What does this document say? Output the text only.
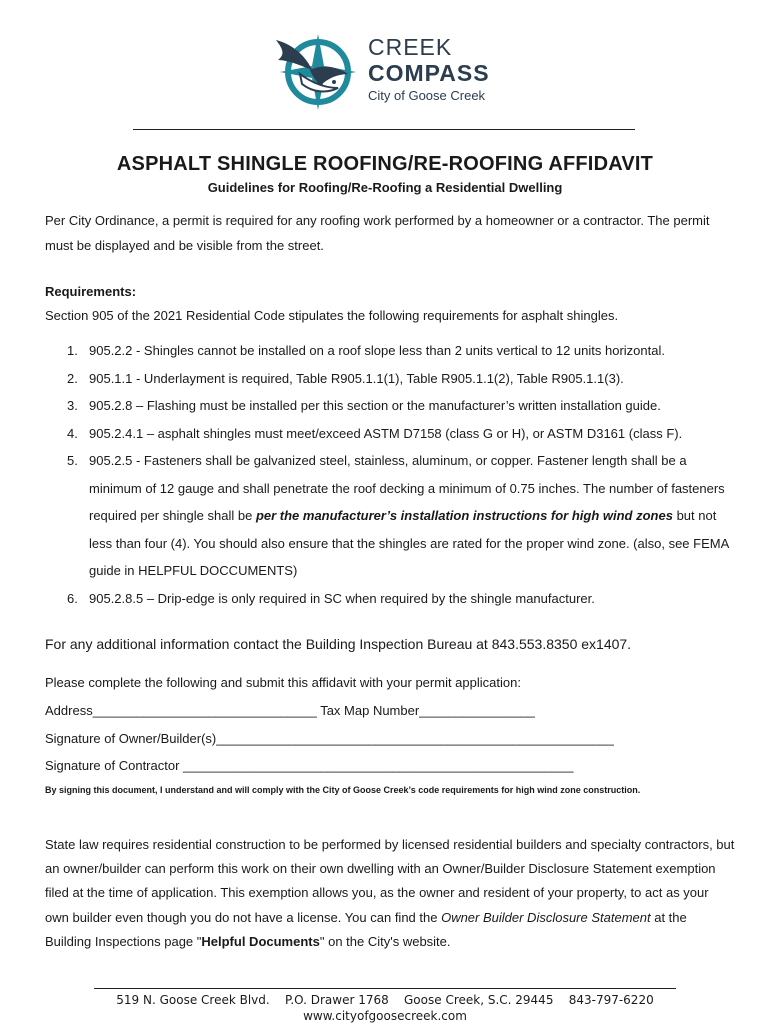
CREEK
COMPASS
City of Goose Creek
ASPHALT SHINGLE ROOFING/RE-ROOFING AFFIDAVIT
Guidelines for Roofing/Re-Roofing a Residential Dwelling
Per City Ordinance, a permit is required for any roofing work performed by a homeowner or a contractor. The permit must be displayed and be visible from the street.
Requirements:
Section 905 of the 2021 Residential Code stipulates the following requirements for asphalt shingles.
1. 905.2.2 - Shingles cannot be installed on a roof slope less than 2 units vertical to 12 units horizontal.
2. 905.1.1 - Underlayment is required, Table R905.1.1(1), Table R905.1.1(2), Table R905.1.1(3).
3. 905.2.8 – Flashing must be installed per this section or the manufacturer’s written installation guide.
4. 905.2.4.1 – asphalt shingles must meet/exceed ASTM D7158 (class G or H), or ASTM D3161 (class F).
5. 905.2.5 - Fasteners shall be galvanized steel, stainless, aluminum, or copper. Fastener length shall be a minimum of 12 gauge and shall penetrate the roof decking a minimum of 0.75 inches. The number of fasteners required per shingle shall be per the manufacturer’s installation instructions for high wind zones but not less than four (4). You should also ensure that the shingles are rated for the proper wind zone. (also, see FEMA guide in HELPFUL DOCCUMENTS)
6. 905.2.8.5 – Drip-edge is only required in SC when required by the shingle manufacturer.
For any additional information contact the Building Inspection Bureau at 843.553.8350 ex1407.
Please complete the following and submit this affidavit with your permit application:
Address_______________________________ Tax Map Number________________
Signature of Owner/Builder(s)_______________________________________________________
Signature of Contractor ______________________________________________________
By signing this document, I understand and will comply with the City of Goose Creek’s code requirements for high wind zone construction.
State law requires residential construction to be performed by licensed residential builders and specialty contractors, but an owner/builder can perform this work on their own dwelling with an Owner/Builder Disclosure Statement exemption filed at the time of application. This exemption allows you, as the owner and resident of your property, to act as your own builder even though you do not have a license. You can find the Owner Builder Disclosure Statement at the Building Inspections page "Helpful Documents" on the City's website.
519 N. Goose Creek Blvd.    P.O. Drawer 1768    Goose Creek, S.C. 29445    843-797-6220
www.cityofgoosecreek.com
